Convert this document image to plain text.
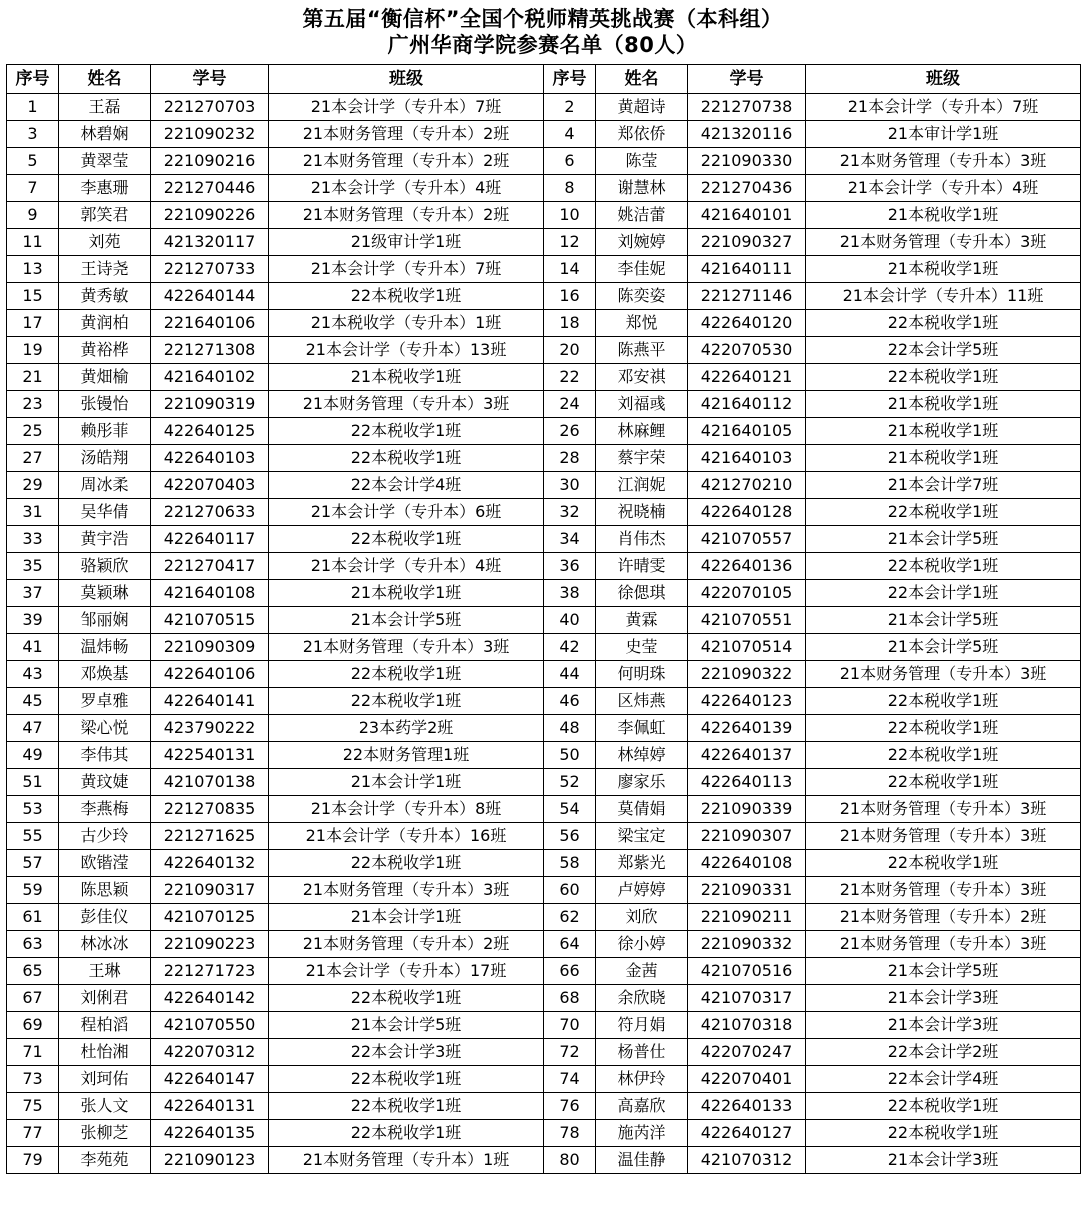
第五届“衡信杯”全国个税师精英挑战赛（本科组）
广州华商学院参赛名单（80人）
序号	姓名	学号	班级	序号	姓名	学号	班级
1	王磊	221270703	21本会计学（专升本）7班	2	黄超诗	221270738	21本会计学（专升本）7班
3	林碧娴	221090232	21本财务管理（专升本）2班	4	郑依侨	421320116	21本审计学1班
5	黄翠莹	221090216	21本财务管理（专升本）2班	6	陈莹	221090330	21本财务管理（专升本）3班
7	李惠珊	221270446	21本会计学（专升本）4班	8	谢慧林	221270436	21本会计学（专升本）4班
9	郭笑君	221090226	21本财务管理（专升本）2班	10	姚洁蕾	421640101	21本税收学1班
11	刘苑	421320117	21级审计学1班	12	刘婉婷	221090327	21本财务管理（专升本）3班
13	王诗尧	221270733	21本会计学（专升本）7班	14	李佳妮	421640111	21本税收学1班
15	黄秀敏	422640144	22本税收学1班	16	陈奕姿	221271146	21本会计学（专升本）11班
17	黄润柏	221640106	21本税收学（专升本）1班	18	郑悦	422640120	22本税收学1班
19	黄裕桦	221271308	21本会计学（专升本）13班	20	陈燕平	422070530	22本会计学5班
21	黄畑榆	421640102	21本税收学1班	22	邓安祺	422640121	22本税收学1班
23	张镘怡	221090319	21本财务管理（专升本）3班	24	刘福彧	421640112	21本税收学1班
25	赖彤菲	422640125	22本税收学1班	26	林麻鲤	421640105	21本税收学1班
27	汤皓翔	422640103	22本税收学1班	28	蔡宇荣	421640103	21本税收学1班
29	周冰柔	422070403	22本会计学4班	30	江润妮	421270210	21本会计学7班
31	吴华倩	221270633	21本会计学（专升本）6班	32	祝晓楠	422640128	22本税收学1班
33	黄宇浩	422640117	22本税收学1班	34	肖伟杰	421070557	21本会计学5班
35	骆颖欣	221270417	21本会计学（专升本）4班	36	许晴雯	422640136	22本税收学1班
37	莫颖琳	421640108	21本税收学1班	38	徐偲琪	422070105	22本会计学1班
39	邹丽娴	421070515	21本会计学5班	40	黄霖	421070551	21本会计学5班
41	温炜畅	221090309	21本财务管理（专升本）3班	42	史莹	421070514	21本会计学5班
43	邓焕基	422640106	22本税收学1班	44	何明珠	221090322	21本财务管理（专升本）3班
45	罗卓雅	422640141	22本税收学1班	46	区炜燕	422640123	22本税收学1班
47	梁心悦	423790222	23本药学2班	48	李佩虹	422640139	22本税收学1班
49	李伟其	422540131	22本财务管理1班	50	林绰婷	422640137	22本税收学1班
51	黄玟婕	421070138	21本会计学1班	52	廖家乐	422640113	22本税收学1班
53	李燕梅	221270835	21本会计学（专升本）8班	54	莫倩娟	221090339	21本财务管理（专升本）3班
55	古少玲	221271625	21本会计学（专升本）16班	56	梁宝定	221090307	21本财务管理（专升本）3班
57	欧锴滢	422640132	22本税收学1班	58	郑紫光	422640108	22本税收学1班
59	陈思颖	221090317	21本财务管理（专升本）3班	60	卢婷婷	221090331	21本财务管理（专升本）3班
61	彭佳仪	421070125	21本会计学1班	62	刘欣	221090211	21本财务管理（专升本）2班
63	林冰冰	221090223	21本财务管理（专升本）2班	64	徐小婷	221090332	21本财务管理（专升本）3班
65	王琳	221271723	21本会计学（专升本）17班	66	金茜	421070516	21本会计学5班
67	刘俐君	422640142	22本税收学1班	68	余欣晓	421070317	21本会计学3班
69	程柏滔	421070550	21本会计学5班	70	符月娟	421070318	21本会计学3班
71	杜怡湘	422070312	22本会计学3班	72	杨普仕	422070247	22本会计学2班
73	刘珂佑	422640147	22本税收学1班	74	林伊玲	422070401	22本会计学4班
75	张人文	422640131	22本税收学1班	76	高嘉欣	422640133	22本税收学1班
77	张柳芝	422640135	22本税收学1班	78	施芮洋	422640127	22本税收学1班
79	李苑苑	221090123	21本财务管理（专升本）1班	80	温佳静	421070312	21本会计学3班
